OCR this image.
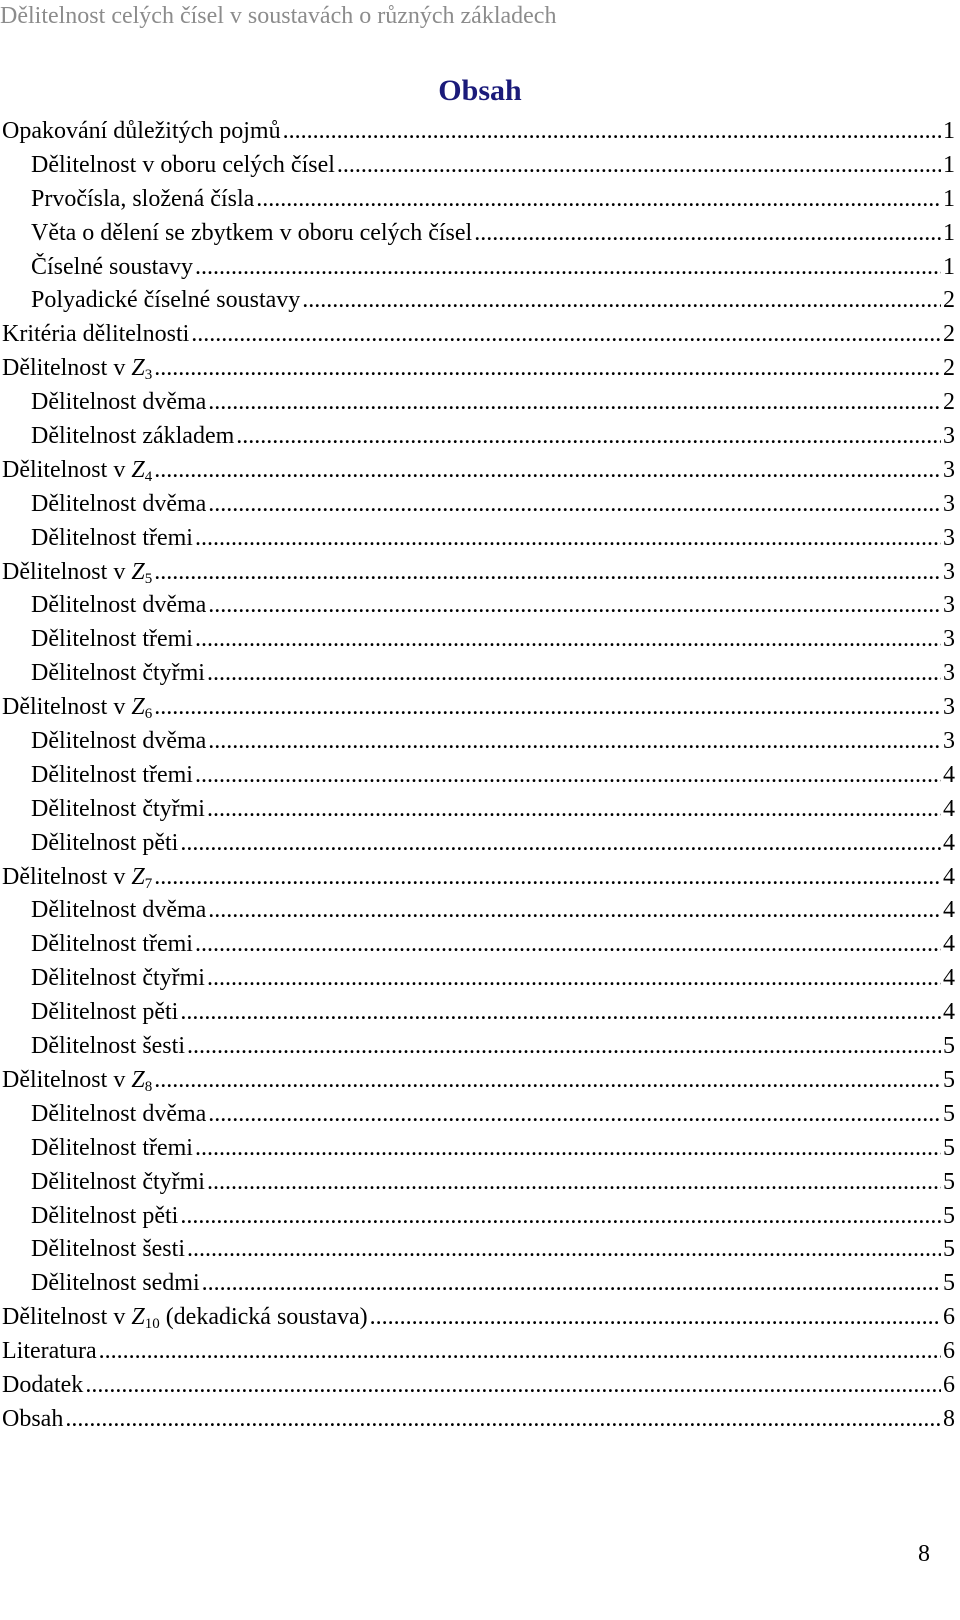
Dělitelnost celých čísel v soustavách o různých základech
Obsah
Opakování důležitých pojmů .....	1
Dělitelnost v oboru celých čísel .....	1
Prvočísla, složená čísla .....	1
Věta o dělení se zbytkem v oboru celých čísel .....	1
Číselné soustavy .....	1
Polyadické číselné soustavy .....	2
Kritéria dělitelnosti .....	2
Dělitelnost v $Z_3$ .....	2
Dělitelnost dvěma .....	2
Dělitelnost základem .....	3
Dělitelnost v $Z_4$ .....	3
Dělitelnost dvěma .....	3
Dělitelnost třemi .....	3
Dělitelnost v $Z_5$ .....	3
Dělitelnost dvěma .....	3
Dělitelnost třemi .....	3
Dělitelnost čtyřmi .....	3
Dělitelnost v $Z_6$ .....	3
Dělitelnost dvěma .....	3
Dělitelnost třemi .....	4
Dělitelnost čtyřmi .....	4
Dělitelnost pěti .....	4
Dělitelnost v $Z_7$ .....	4
Dělitelnost dvěma .....	4
Dělitelnost třemi .....	4
Dělitelnost čtyřmi .....	4
Dělitelnost pěti .....	4
Dělitelnost šesti .....	5
Dělitelnost v $Z_8$ .....	5
Dělitelnost dvěma .....	5
Dělitelnost třemi .....	5
Dělitelnost čtyřmi .....	5
Dělitelnost pěti .....	5
Dělitelnost šesti .....	5
Dělitelnost sedmi .....	5
Dělitelnost v $Z_{10}$ (dekadická soustava) .....	6
Literatura .....	6
Dodatek .....	6
Obsah .....	8
8
